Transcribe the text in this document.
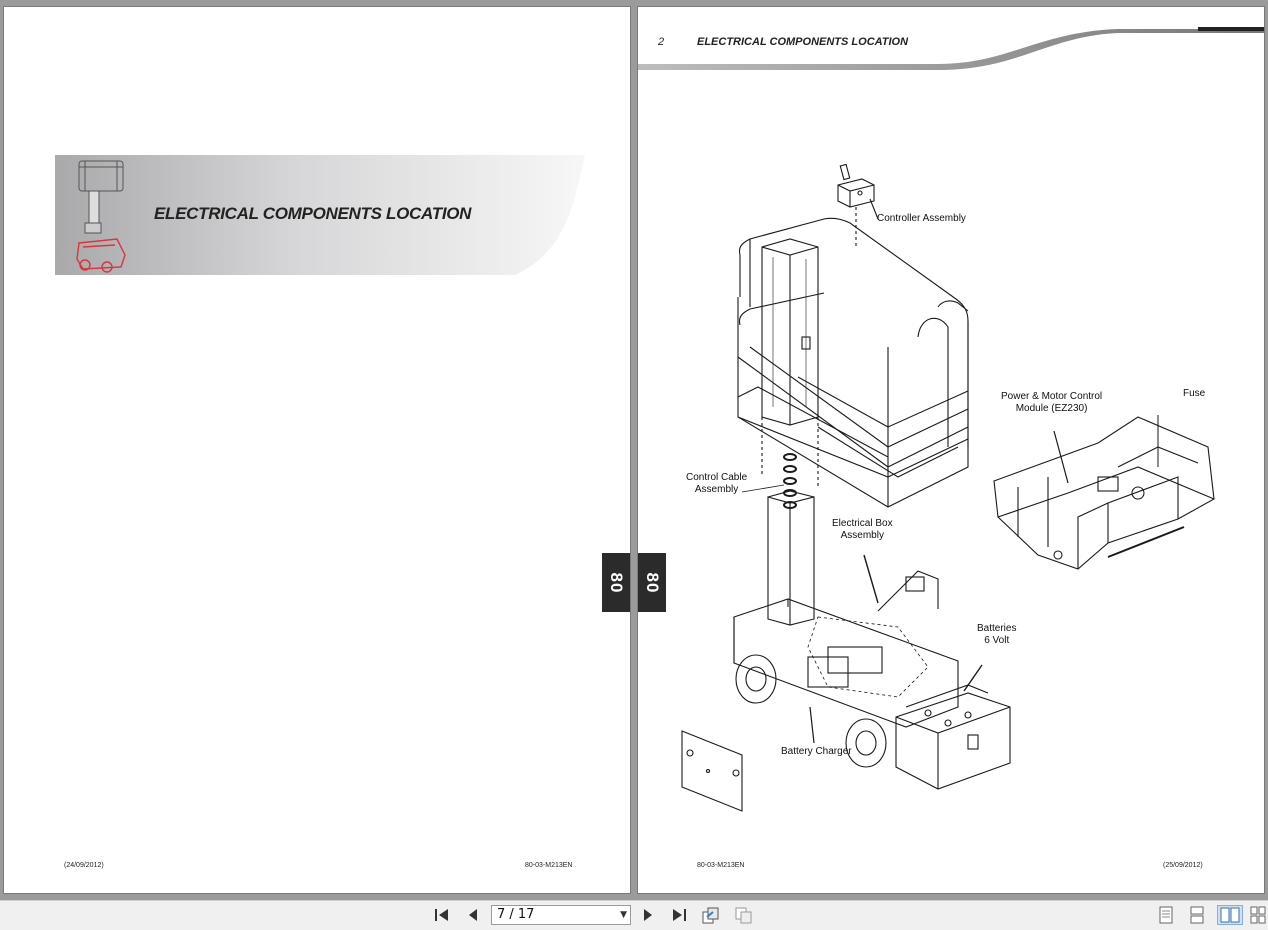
ELECTRICAL COMPONENTS LOCATION
(24/09/2012)	80-03-M213EN
80
2	ELECTRICAL COMPONENTS LOCATION
Controller Assembly
Power & Motor Control
Module (EZ230)
Fuse
Control Cable
Assembly
Electrical Box
Assembly
Batteries
6 Volt
Battery Charger
80-03-M213EN	(25/09/2012)
80
7 / 17	▼
